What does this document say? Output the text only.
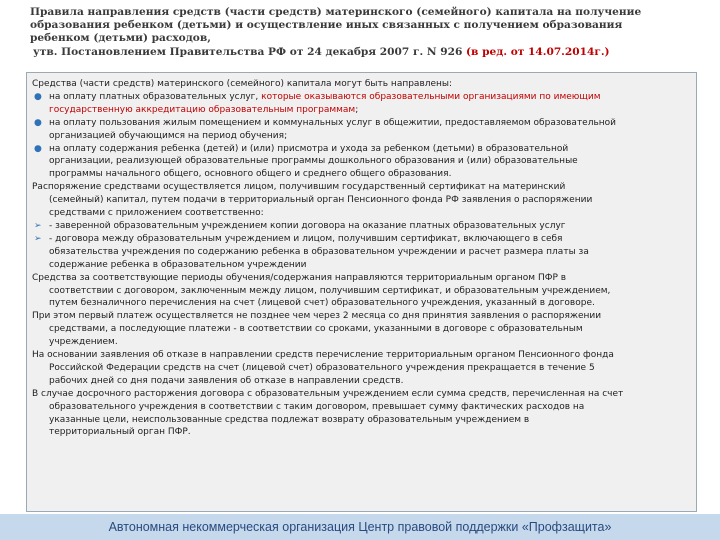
Правила направления средств (части средств) материнского (семейного) капитала на получение
образования ребенком (детьми) и осуществление иных связанных с получением образования
ребенком (детьми) расходов,
утв. Постановлением Правительства РФ от 24 декабря 2007 г. N 926 (в ред. от 14.07.2014г.)
Средства (части средств) материнского (семейного) капитала могут быть направлены:
● на оплату платных образовательных услуг, которые оказываются образовательными организациями по имеющим
государственную аккредитацию образовательным программам;
● на оплату пользования жилым помещением и коммунальных услуг в общежитии, предоставляемом образовательной
организацией обучающимся на период обучения;
● на оплату содержания ребенка (детей) и (или) присмотра и ухода за ребенком (детьми) в образовательной
организации, реализующей образовательные программы дошкольного образования и (или) образовательные
программы начального общего, основного общего и среднего общего образования.
Распоряжение средствами осуществляется лицом, получившим государственный сертификат на материнский
(семейный) капитал, путем подачи в территориальный орган Пенсионного фонда РФ заявления о распоряжении
средствами с приложением соответственно:
➢ - заверенной образовательным учреждением копии договора на оказание платных образовательных услуг
➢ - договора между образовательным учреждением и лицом, получившим сертификат, включающего в себя
обязательства учреждения по содержанию ребенка в образовательном учреждении и расчет размера платы за
содержание ребенка в образовательном учреждении
Средства за соответствующие периоды обучения/содержания направляются территориальным органом ПФР в
соответствии с договором, заключенным между лицом, получившим сертификат, и образовательным учреждением,
путем безналичного перечисления на счет (лицевой счет) образовательного учреждения, указанный в договоре.
При этом первый платеж осуществляется не позднее чем через 2 месяца со дня принятия заявления о распоряжении
средствами, а последующие платежи - в соответствии со сроками, указанными в договоре с образовательным
учреждением.
На основании заявления об отказе в направлении средств перечисление территориальным органом Пенсионного фонда
Российской Федерации средств на счет (лицевой счет) образовательного учреждения прекращается в течение 5
рабочих дней со дня подачи заявления об отказе в направлении средств.
В случае досрочного расторжения договора с образовательным учреждением если сумма средств, перечисленная на счет
образовательного учреждения в соответствии с таким договором, превышает сумму фактических расходов на
указанные цели, неиспользованные средства подлежат возврату образовательным учреждением в
территориальный орган ПФР.
Автономная некоммерческая организация Центр правовой поддержки «Профзащита»
